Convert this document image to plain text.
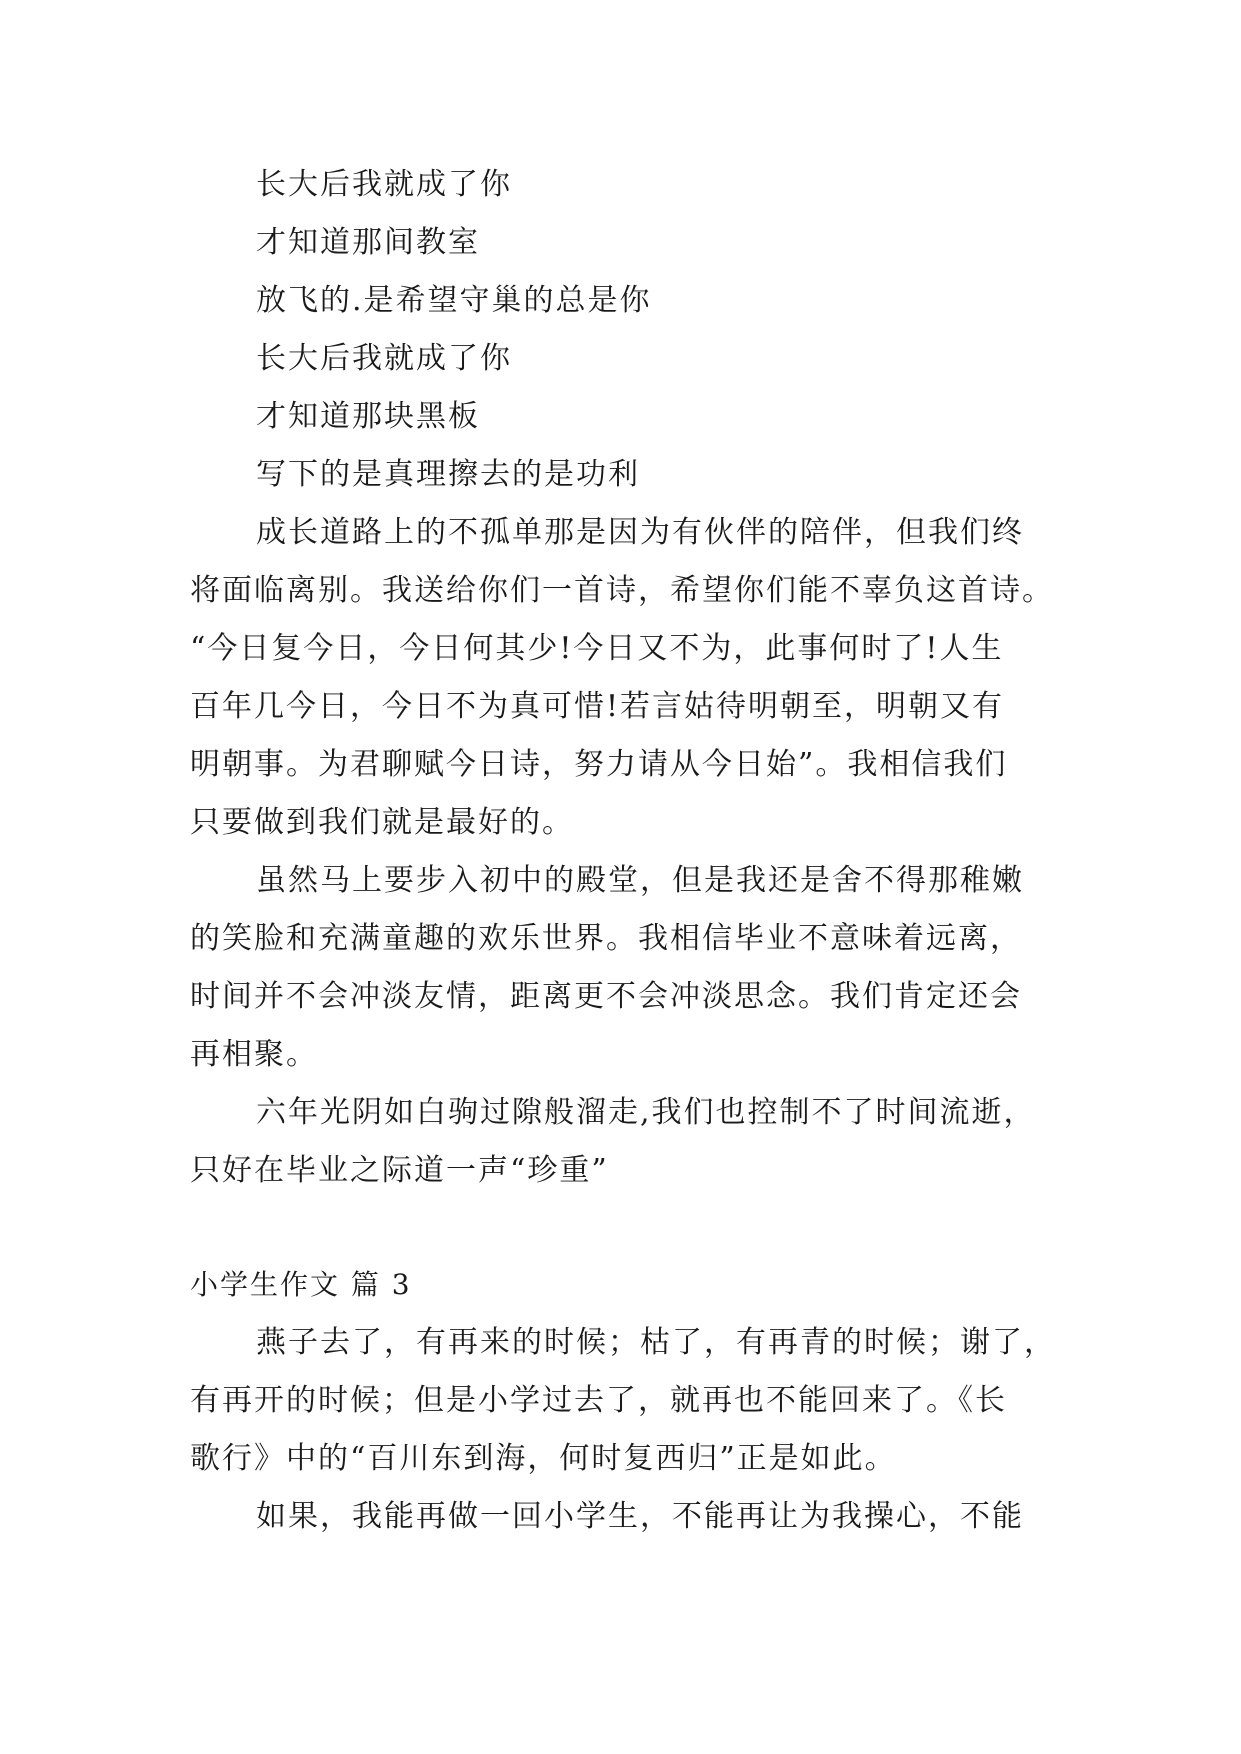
长大后我就成了你
才知道那间教室
放飞的.是希望守巢的总是你
长大后我就成了你
才知道那块黑板
写下的是真理擦去的是功利
成长道路上的不孤单那是因为有伙伴的陪伴，但我们终
将面临离别。我送给你们一首诗，希望你们能不辜负这首诗。
“今日复今日，今日何其少!今日又不为，此事何时了!人生
百年几今日，今日不为真可惜!若言姑待明朝至，明朝又有
明朝事。为君聊赋今日诗，努力请从今日始”。我相信我们
只要做到我们就是最好的。
虽然马上要步入初中的殿堂，但是我还是舍不得那稚嫩
的笑脸和充满童趣的欢乐世界。我相信毕业不意味着远离，
时间并不会冲淡友情，距离更不会冲淡思念。我们肯定还会
再相聚。
六年光阴如白驹过隙般溜走,我们也控制不了时间流逝，
只好在毕业之际道一声“珍重”
小学生作文 篇 3
燕子去了，有再来的时候；枯了，有再青的时候；谢了，
有再开的时候；但是小学过去了，就再也不能回来了。《长
歌行》中的“百川东到海，何时复西归”正是如此。
如果，我能再做一回小学生，不能再让为我操心，不能
